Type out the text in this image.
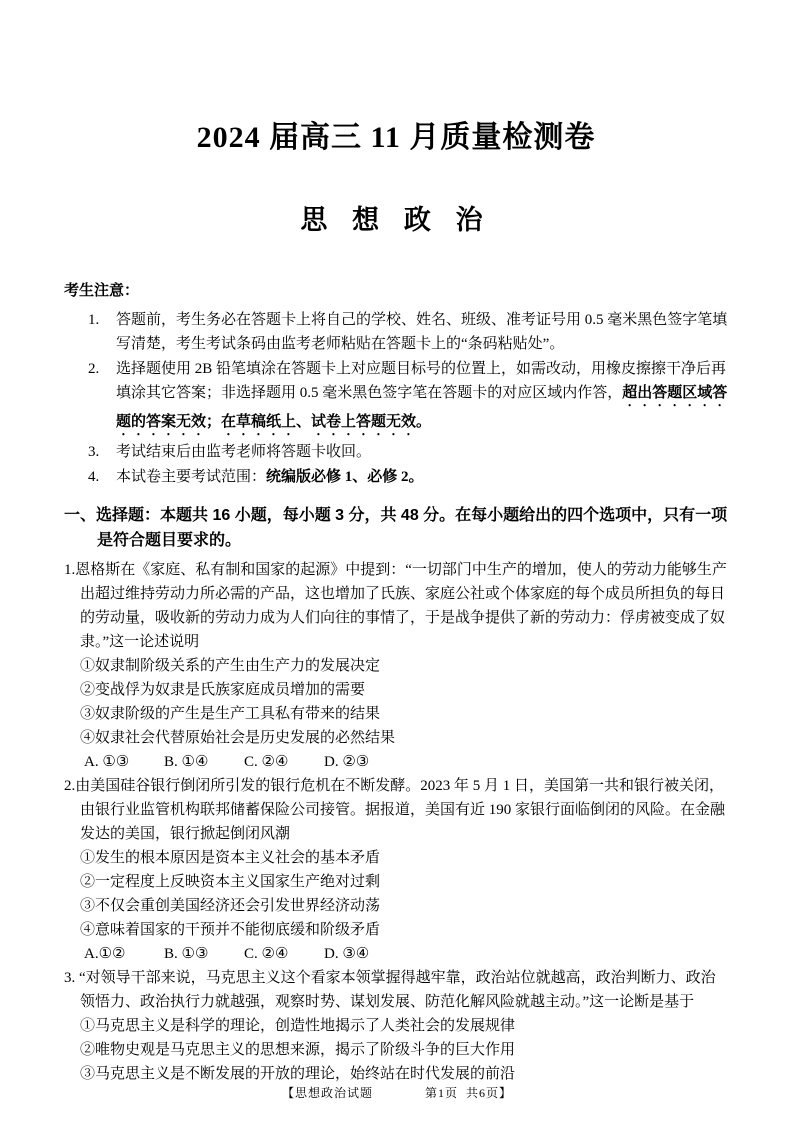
2024 届高三 11 月质量检测卷
思 想 政 治

考生注意：

1.	答题前，考生务必在答题卡上将自己的学校、姓名、班级、准考证号用 0.5 毫米黑色签字笔填写清楚，考生考试条码由监考老师粘贴在答题卡上的“条码粘贴处”。
2.	选择题使用 2B 铅笔填涂在答题卡上对应题目标号的位置上，如需改动，用橡皮擦擦干净后再填涂其它答案；非选择题用 0.5 毫米黑色签字笔在答题卡的对应区域内作答，超出答题区域答题的答案无效；在草稿纸上、试卷上答题无效。
3.	考试结束后由监考老师将答题卡收回。
4.	本试卷主要考试范围：统编版必修 1、必修 2。

一、选择题：本题共 16 小题，每小题 3 分，共 48 分。在每小题给出的四个选项中，只有一项是符合题目要求的。

1.恩格斯在《家庭、私有制和国家的起源》中提到：“一切部门中生产的增加，使人的劳动力能够生产出超过维持劳动力所必需的产品，这也增加了氏族、家庭公社或个体家庭的每个成员所担负的每日的劳动量，吸收新的劳动力成为人们向往的事情了，于是战争提供了新的劳动力：俘虏被变成了奴隶。”这一论述说明

①奴隶制阶级关系的产生由生产力的发展决定

②变战俘为奴隶是氏族家庭成员增加的需要

③奴隶阶级的产生是生产工具私有带来的结果

④奴隶社会代替原始社会是历史发展的必然结果

A. ①③ B. ①④ C. ②④ D. ②③

2.由美国硅谷银行倒闭所引发的银行危机在不断发酵。2023 年 5 月 1 日，美国第一共和银行被关闭，由银行业监管机构联邦储蓄保险公司接管。据报道，美国有近 190 家银行面临倒闭的风险。在金融发达的美国，银行掀起倒闭风潮

①发生的根本原因是资本主义社会的基本矛盾

②一定程度上反映资本主义国家生产绝对过剩

③不仅会重创美国经济还会引发世界经济动荡

④意味着国家的干预并不能彻底缓和阶级矛盾

A.①②	B. ①③ C. ②④ D. ③④

3. “对领导干部来说，马克思主义这个看家本领掌握得越牢靠，政治站位就越高，政治判断力、政治领悟力、政治执行力就越强，观察时势、谋划发展、防范化解风险就越主动。”这一论断是基于

①马克思主义是科学的理论，创造性地揭示了人类社会的发展规律

②唯物史观是马克思主义的思想来源，揭示了阶级斗争的巨大作用

③马克思主义是不断发展的开放的理论，始终站在时代发展的前沿

【思想政治试题	第1页  共6页】
